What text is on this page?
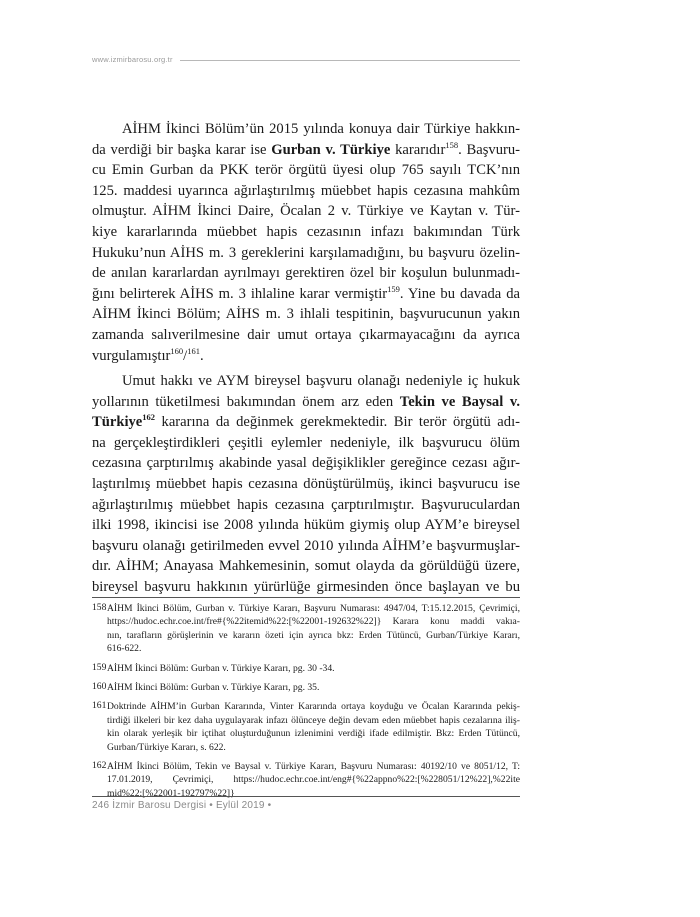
www.izmirbarosu.org.tr
AİHM İkinci Bölüm’ün 2015 yılında konuya dair Türkiye hakkın-
da verdiği bir başka karar ise Gurban v. Türkiye kararıdır$^{158}$. Başvuru-
cu Emin Gurban da PKK terör örgütü üyesi olup 765 sayılı TCK’nın
125. maddesi uyarınca ağırlaştırılmış müebbet hapis cezasına mahkûm
olmuştur. AİHM İkinci Daire, Öcalan 2 v. Türkiye ve Kaytan v. Tür-
kiye kararlarında müebbet hapis cezasının infazı bakımından Türk
Hukuku’nun AİHS m. 3 gereklerini karşılamadığını, bu başvuru özelin-
de anılan kararlardan ayrılmayı gerektiren özel bir koşulun bulunmadı-
ğını belirterek AİHS m. 3 ihlaline karar vermiştir$^{159}$. Yine bu davada da
AİHM İkinci Bölüm; AİHS m. 3 ihlali tespitinin, başvurucunun yakın
zamanda salıverilmesine dair umut ortaya çıkarmayacağını da ayrıca
vurgulamıştır$^{160}$/$^{161}$.
Umut hakkı ve AYM bireysel başvuru olanağı nedeniyle iç hukuk
yollarının tüketilmesi bakımından önem arz eden Tekin ve Baysal v.
Türkiye$^{162}$ kararına da değinmek gerekmektedir. Bir terör örgütü adı-
na gerçekleştirdikleri çeşitli eylemler nedeniyle, ilk başvurucu ölüm
cezasına çarptırılmış akabinde yasal değişiklikler gereğince cezası ağır-
laştırılmış müebbet hapis cezasına dönüştürülmüş, ikinci başvurucu ise
ağırlaştırılmış müebbet hapis cezasına çarptırılmıştır. Başvuruculardan
ilki 1998, ikincisi ise 2008 yılında hüküm giymiş olup AYM’e bireysel
başvuru olanağı getirilmeden evvel 2010 yılında AİHM’e başvurmuşlar-
dır. AİHM; Anayasa Mahkemesinin, somut olayda da görüldüğü üzere,
bireysel başvuru hakkının yürürlüğe girmesinden önce başlayan ve bu
158 AİHM İkinci Bölüm, Gurban v. Türkiye Kararı, Başvuru Numarası: 4947/04, T:15.12.2015, Çevrimiçi,
https://hudoc.echr.coe.int/fre#{%22itemid%22:[%22001-192632%22]} Karara konu maddi vakıa-
nın, tarafların görüşlerinin ve kararın özeti için ayrıca bkz: Erden Tütüncü, Gurban/Türkiye Kararı,
616-622.
159 AİHM İkinci Bölüm: Gurban v. Türkiye Kararı, pg. 30 -34.
160 AİHM İkinci Bölüm: Gurban v. Türkiye Kararı, pg. 35.
161 Doktrinde AİHM’in Gurban Kararında, Vinter Kararında ortaya koyduğu ve Öcalan Kararında pekiş-
tirdiği ilkeleri bir kez daha uygulayarak infazı ölünceye değin devam eden müebbet hapis cezalarına iliş-
kin olarak yerleşik bir içtihat oluşturduğunun izlenimini verdiği ifade edilmiştir. Bkz: Erden Tütüncü,
Gurban/Türkiye Kararı, s. 622.
162 AİHM İkinci Bölüm, Tekin ve Baysal v. Türkiye Kararı, Başvuru Numarası: 40192/10 ve 8051/12, T:
17.01.2019, Çevrimiçi, https://hudoc.echr.coe.int/eng#{%22appno%22:[%228051/12%22],%22ite
mid%22:[%22001-192797%22]}
246 İzmir Barosu Dergisi • Eylül 2019 •
